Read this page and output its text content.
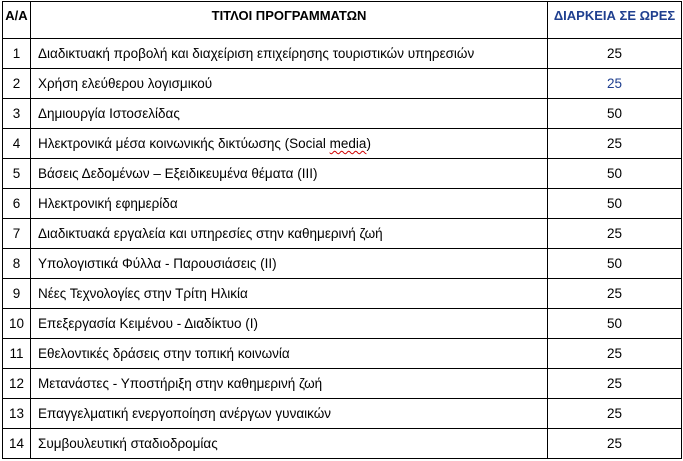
Α/Α	ΤΙΤΛΟΙ ΠΡΟΓΡΑΜΜΑΤΩΝ	ΔΙΑΡΚΕΙΑ ΣΕ ΩΡΕΣ
1	Διαδικτυακή προβολή και διαχείριση επιχείρησης τουριστικών υπηρεσιών	25
2	Χρήση ελεύθερου λογισμικού	25
3	Δημιουργία Ιστοσελίδας	50
4	Ηλεκτρονικά μέσα κοινωνικής δικτύωσης (Social media)	25
5	Βάσεις Δεδομένων – Εξειδικευμένα θέματα (ΙΙΙ)	50
6	Ηλεκτρονική εφημερίδα	50
7	Διαδικτυακά εργαλεία και υπηρεσίες στην καθημερινή ζωή	25
8	Υπολογιστικά Φύλλα - Παρουσιάσεις (ΙΙ)	50
9	Νέες Τεχνολογίες στην Τρίτη Ηλικία	25
10	Επεξεργασία Κειμένου - Διαδίκτυο (Ι)	50
11	Εθελοντικές δράσεις στην τοπική κοινωνία	25
12	Μετανάστες - Υποστήριξη στην καθημερινή ζωή	25
13	Επαγγελματική ενεργοποίηση ανέργων γυναικών	25
14	Συμβουλευτική σταδιοδρομίας	25
